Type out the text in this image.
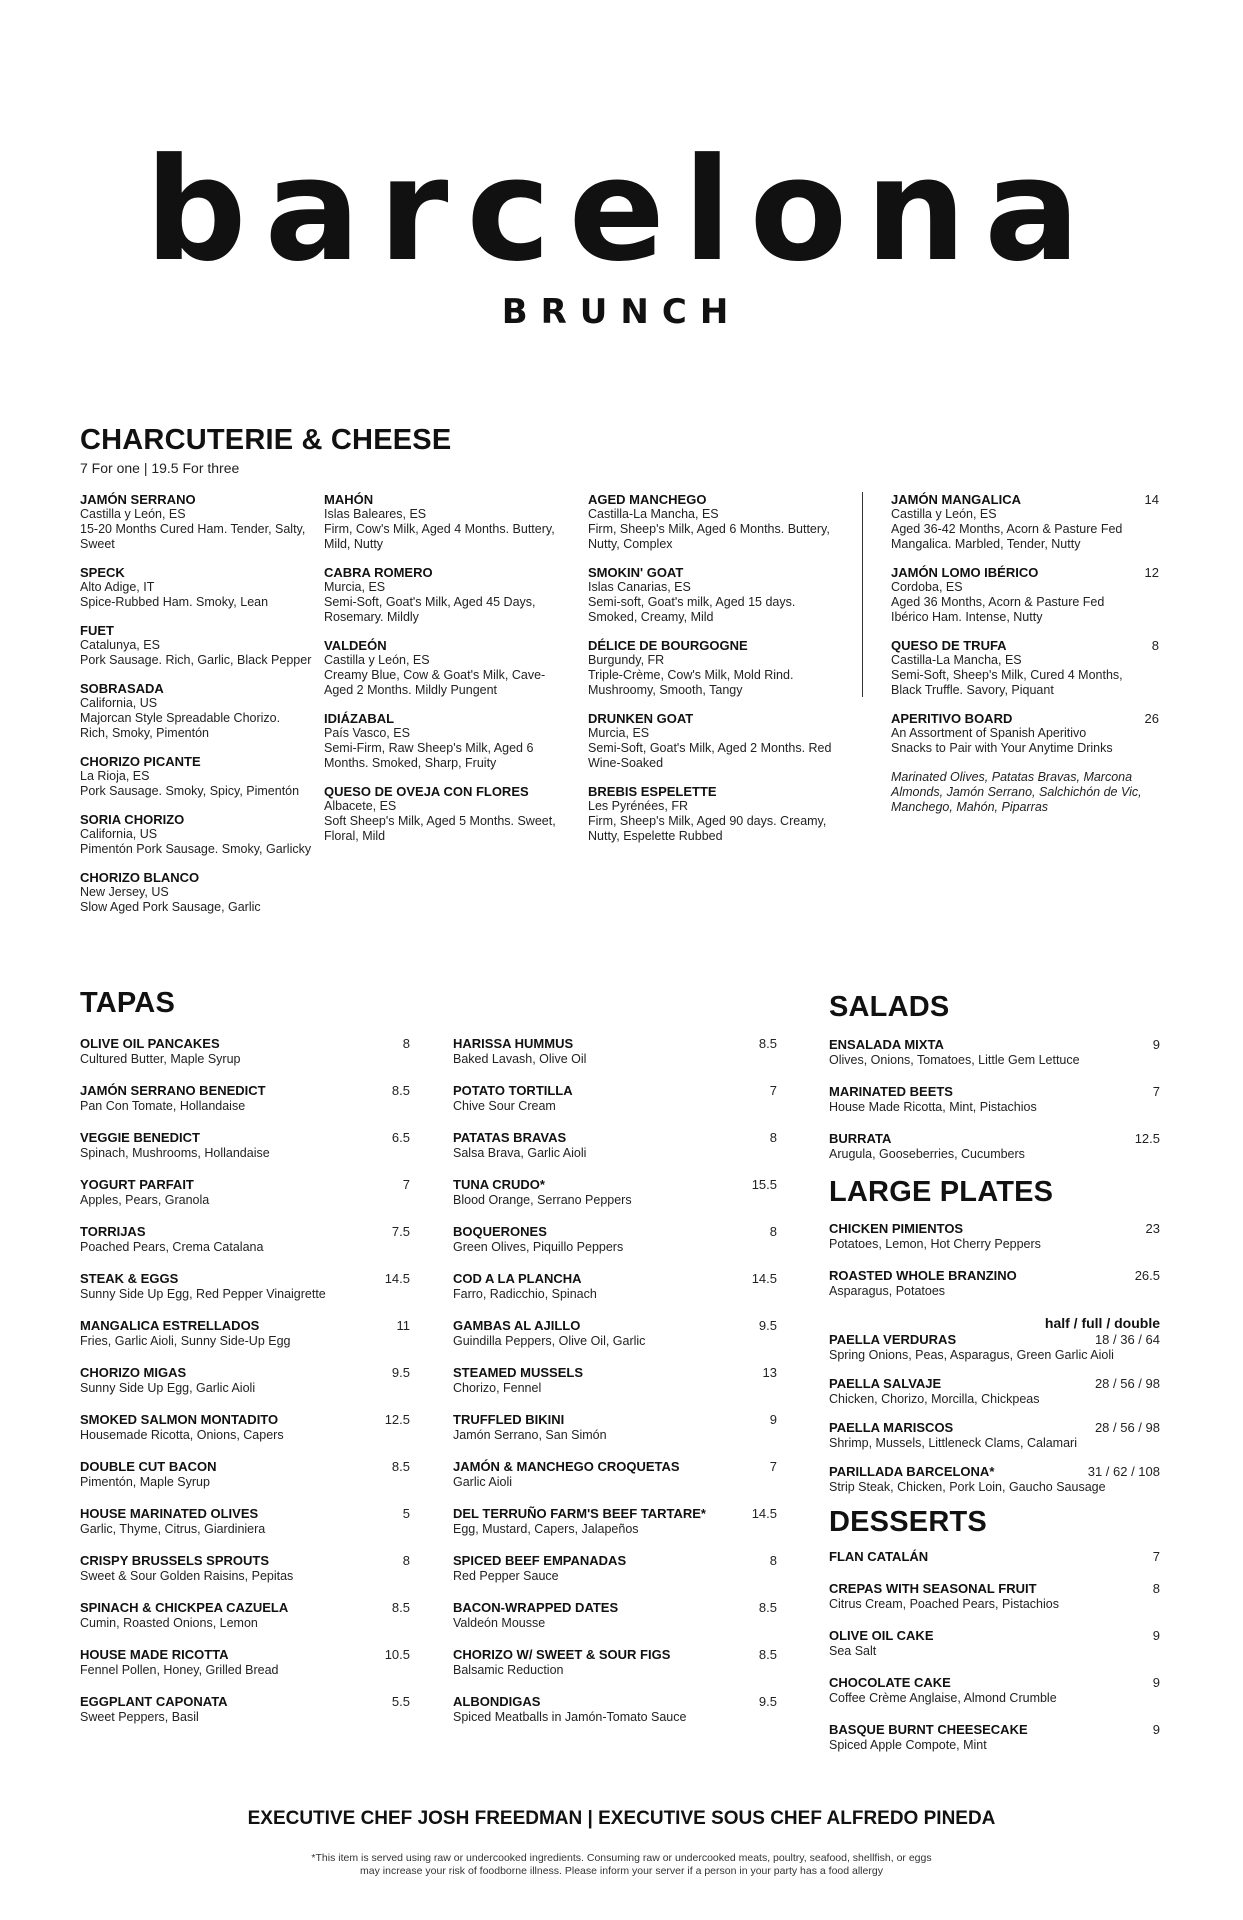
barcelona
BRUNCH
CHARCUTERIE & CHEESE
7 For one | 19.5 For three
JAMÓN SERRANO
Castilla y León, ES
15-20 Months Cured Ham. Tender, Salty,
Sweet
SPECK
Alto Adige, IT
Spice-Rubbed Ham. Smoky, Lean
FUET
Catalunya, ES
Pork Sausage. Rich, Garlic, Black Pepper
SOBRASADA
California, US
Majorcan Style Spreadable Chorizo.
Rich, Smoky, Pimentón
CHORIZO PICANTE
La Rioja, ES
Pork Sausage. Smoky, Spicy, Pimentón
SORIA CHORIZO
California, US
Pimentón Pork Sausage. Smoky, Garlicky
CHORIZO BLANCO
New Jersey, US
Slow Aged Pork Sausage, Garlic
MAHÓN
Islas Baleares, ES
Firm, Cow's Milk, Aged 4 Months. Buttery,
Mild, Nutty
CABRA ROMERO
Murcia, ES
Semi-Soft, Goat's Milk, Aged 45 Days,
Rosemary. Mildly
VALDEÓN
Castilla y León, ES
Creamy Blue, Cow & Goat's Milk, Cave-
Aged 2 Months. Mildly Pungent
IDIÁZABAL
País Vasco, ES
Semi-Firm, Raw Sheep's Milk, Aged 6
Months. Smoked, Sharp, Fruity
QUESO DE OVEJA CON FLORES
Albacete, ES
Soft Sheep's Milk, Aged 5 Months. Sweet,
Floral, Mild
AGED MANCHEGO
Castilla-La Mancha, ES
Firm, Sheep's Milk, Aged 6 Months. Buttery,
Nutty, Complex
SMOKIN' GOAT
Islas Canarias, ES
Semi-soft, Goat's milk, Aged 15 days.
Smoked, Creamy, Mild
DÉLICE DE BOURGOGNE
Burgundy, FR
Triple-Crème, Cow's Milk, Mold Rind.
Mushroomy, Smooth, Tangy
DRUNKEN GOAT
Murcia, ES
Semi-Soft, Goat's Milk, Aged 2 Months. Red
Wine-Soaked
BREBIS ESPELETTE
Les Pyrénées, FR
Firm, Sheep's Milk, Aged 90 days. Creamy,
Nutty, Espelette Rubbed
JAMÓN MANGALICA	14
Castilla y León, ES
Aged 36-42 Months, Acorn & Pasture Fed
Mangalica. Marbled, Tender, Nutty
JAMÓN LOMO IBÉRICO	12
Cordoba, ES
Aged 36 Months, Acorn & Pasture Fed
Ibérico Ham. Intense, Nutty
QUESO DE TRUFA	8
Castilla-La Mancha, ES
Semi-Soft, Sheep's Milk, Cured 4 Months,
Black Truffle. Savory, Piquant
APERITIVO BOARD	26
An Assortment of Spanish Aperitivo
Snacks to Pair with Your Anytime Drinks
Marinated Olives, Patatas Bravas, Marcona
Almonds, Jamón Serrano, Salchichón de Vic,
Manchego, Mahón, Piparras
TAPAS
OLIVE OIL PANCAKES	8
Cultured Butter, Maple Syrup
JAMÓN SERRANO BENEDICT	8.5
Pan Con Tomate, Hollandaise
VEGGIE BENEDICT	6.5
Spinach, Mushrooms, Hollandaise
YOGURT PARFAIT	7
Apples, Pears, Granola
TORRIJAS	7.5
Poached Pears, Crema Catalana
STEAK & EGGS	14.5
Sunny Side Up Egg, Red Pepper Vinaigrette
MANGALICA ESTRELLADOS	11
Fries, Garlic Aioli, Sunny Side-Up Egg
CHORIZO MIGAS	9.5
Sunny Side Up Egg, Garlic Aioli
SMOKED SALMON MONTADITO	12.5
Housemade Ricotta, Onions, Capers
DOUBLE CUT BACON	8.5
Pimentón, Maple Syrup
HOUSE MARINATED OLIVES	5
Garlic, Thyme, Citrus, Giardiniera
CRISPY BRUSSELS SPROUTS	8
Sweet & Sour Golden Raisins, Pepitas
SPINACH & CHICKPEA CAZUELA	8.5
Cumin, Roasted Onions, Lemon
HOUSE MADE RICOTTA	10.5
Fennel Pollen, Honey, Grilled Bread
EGGPLANT CAPONATA	5.5
Sweet Peppers, Basil
HARISSA HUMMUS	8.5
Baked Lavash, Olive Oil
POTATO TORTILLA	7
Chive Sour Cream
PATATAS BRAVAS	8
Salsa Brava, Garlic Aioli
TUNA CRUDO*	15.5
Blood Orange, Serrano Peppers
BOQUERONES	8
Green Olives, Piquillo Peppers
COD A LA PLANCHA	14.5
Farro, Radicchio, Spinach
GAMBAS AL AJILLO	9.5
Guindilla Peppers, Olive Oil, Garlic
STEAMED MUSSELS	13
Chorizo, Fennel
TRUFFLED BIKINI	9
Jamón Serrano, San Simón
JAMÓN & MANCHEGO CROQUETAS	7
Garlic Aioli
DEL TERRUÑO FARM'S BEEF TARTARE*	14.5
Egg, Mustard, Capers, Jalapeños
SPICED BEEF EMPANADAS	8
Red Pepper Sauce
BACON-WRAPPED DATES	8.5
Valdeón Mousse
CHORIZO W/ SWEET & SOUR FIGS	8.5
Balsamic Reduction
ALBONDIGAS	9.5
Spiced Meatballs in Jamón-Tomato Sauce
SALADS
ENSALADA MIXTA	9
Olives, Onions, Tomatoes, Little Gem Lettuce
MARINATED BEETS	7
House Made Ricotta, Mint, Pistachios
BURRATA	12.5
Arugula, Gooseberries, Cucumbers
LARGE PLATES
CHICKEN PIMIENTOS	23
Potatoes, Lemon, Hot Cherry Peppers
ROASTED WHOLE BRANZINO	26.5
Asparagus, Potatoes
half / full / double
PAELLA VERDURAS	18 / 36 / 64
Spring Onions, Peas, Asparagus, Green Garlic Aioli
PAELLA SALVAJE	28 / 56 / 98
Chicken, Chorizo, Morcilla, Chickpeas
PAELLA MARISCOS	28 / 56 / 98
Shrimp, Mussels, Littleneck Clams, Calamari
PARILLADA BARCELONA*	31 / 62 / 108
Strip Steak, Chicken, Pork Loin, Gaucho Sausage
DESSERTS
FLAN CATALÁN	7
CREPAS WITH SEASONAL FRUIT	8
Citrus Cream, Poached Pears, Pistachios
OLIVE OIL CAKE	9
Sea Salt
CHOCOLATE CAKE	9
Coffee Crème Anglaise, Almond Crumble
BASQUE BURNT CHEESECAKE	9
Spiced Apple Compote, Mint
EXECUTIVE CHEF JOSH FREEDMAN | EXECUTIVE SOUS CHEF ALFREDO PINEDA
*This item is served using raw or undercooked ingredients. Consuming raw or undercooked meats, poultry, seafood, shellfish, or eggs
may increase your risk of foodborne illness. Please inform your server if a person in your party has a food allergy
